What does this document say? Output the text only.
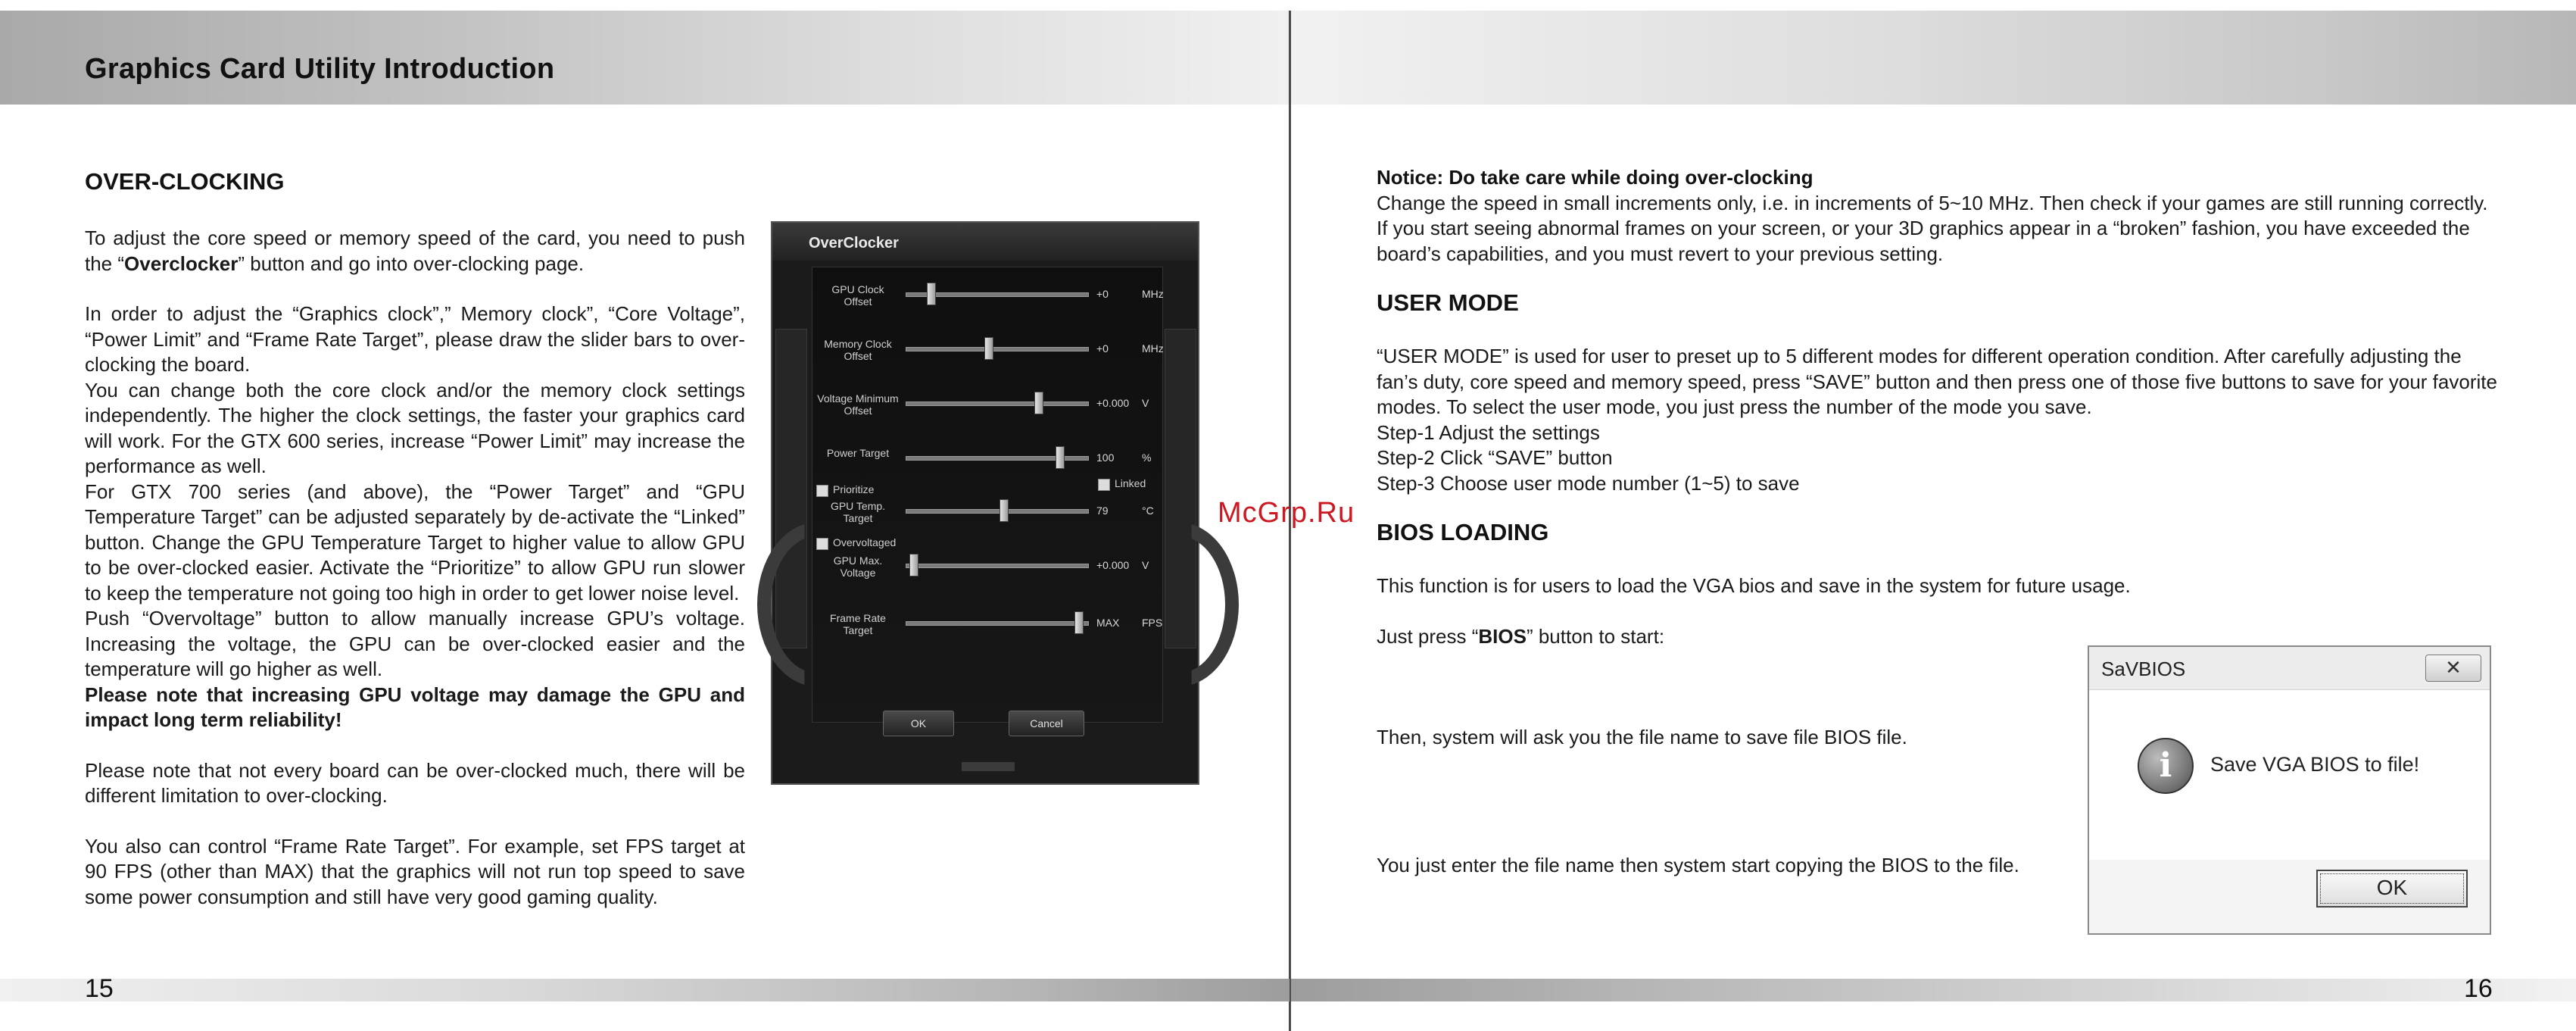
Graphics Card Utility Introduction
OVER-CLOCKING

To adjust the core speed or memory speed of the card, you need to push the “Overclocker” button and go into over-clocking page.

In order to adjust the “Graphics clock”,” Memory clock”, “Core Voltage”, “Power Limit” and “Frame Rate Target”, please draw the slider bars to over-clocking the board.

You can change both the core clock and/or the memory clock settings independently. The higher the clock settings, the faster your graphics card will work. For the GTX 600 series, increase “Power Limit” may increase the performance as well.

For GTX 700 series (and above), the “Power Target” and “GPU Temperature Target” can be adjusted separately by de-activate the “Linked” button. Change the GPU Temperature Target to higher value to allow GPU to be over-clocked easier. Activate the “Prioritize” to allow GPU run slower to keep the temperature not going too high in order to get lower noise level.

Push “Overvoltage” button to allow manually increase GPU’s voltage. Increasing the voltage, the GPU can be over-clocked easier and the temperature will go higher as well.

Please note that increasing GPU voltage may damage the GPU and impact long term reliability!

Please note that not every board can be over-clocked much, there will be different limitation to over-clocking.

You also can control “Frame Rate Target”. For example, set FPS target at 90 FPS (other than MAX) that the graphics will not run top speed to save some power consumption and still have very good gaming quality.

OverClocker
Prioritize	Linked
Overvoltaged
OK	Cancel
GPU Clock Offset
+0	MHz
Memory Clock Offset
+0	MHz
Voltage Minimum Offset
+0.000 V
Power Target	100	%
GPU Temp. Target
79	°C
GPU Max. Voltage
+0.000 V
Frame Rate Target
MAX FPS
Notice: Do take care while doing over-clocking

Change the speed in small increments only, i.e. in increments of 5~10 MHz. Then check if your games are still running correctly. If you start seeing abnormal frames on your screen, or your 3D graphics appear in a “broken” fashion, you have exceeded the board’s capabilities, and you must revert to your previous setting.

USER MODE

“USER MODE” is used for user to preset up to 5 different modes for different operation condition. After carefully adjusting the fan’s duty, core speed and memory speed, press “SAVE” button and then press one of those five buttons to save for your favorite modes. To select the user mode, you just press the number of the mode you save.

Step-1 Adjust the settings

Step-2 Click “SAVE” button

Step-3 Choose user mode number (1~5) to save

BIOS LOADING

This function is for users to load the VGA bios and save in the system for future usage.

Just press “BIOS” button to start:

Then, system will ask you the file name to save file BIOS file.

You just enter the file name then system start copying the BIOS to the file.

SaVBIOS	✕
i	Save VGA BIOS to file!
OK
McGrp.Ru
15	16
